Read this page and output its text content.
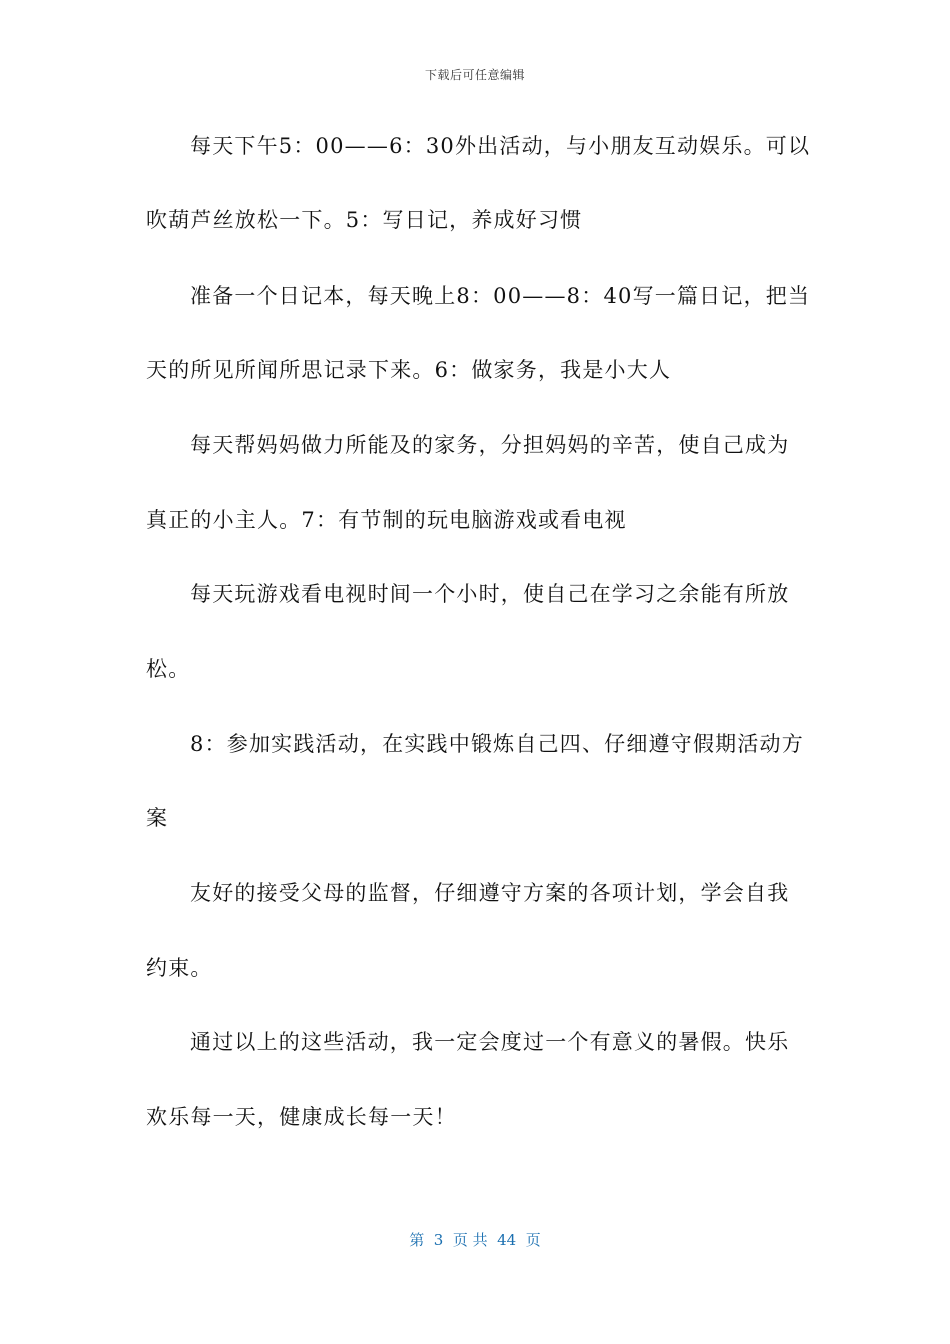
下载后可任意编辑
每天下午5：00——6：30外出活动，与小朋友互动娱乐。可以
吹葫芦丝放松一下。5：写日记，养成好习惯
准备一个日记本，每天晚上8：00——8：40写一篇日记，把当
天的所见所闻所思记录下来。6：做家务，我是小大人
每天帮妈妈做力所能及的家务，分担妈妈的辛苦，使自己成为
真正的小主人。7：有节制的玩电脑游戏或看电视
每天玩游戏看电视时间一个小时，使自己在学习之余能有所放
松。
8：参加实践活动，在实践中锻炼自己四、仔细遵守假期活动方
案
友好的接受父母的监督，仔细遵守方案的各项计划，学会自我
约束。
通过以上的这些活动，我一定会度过一个有意义的暑假。快乐
欢乐每一天，健康成长每一天！
第  3  页 共  44  页
